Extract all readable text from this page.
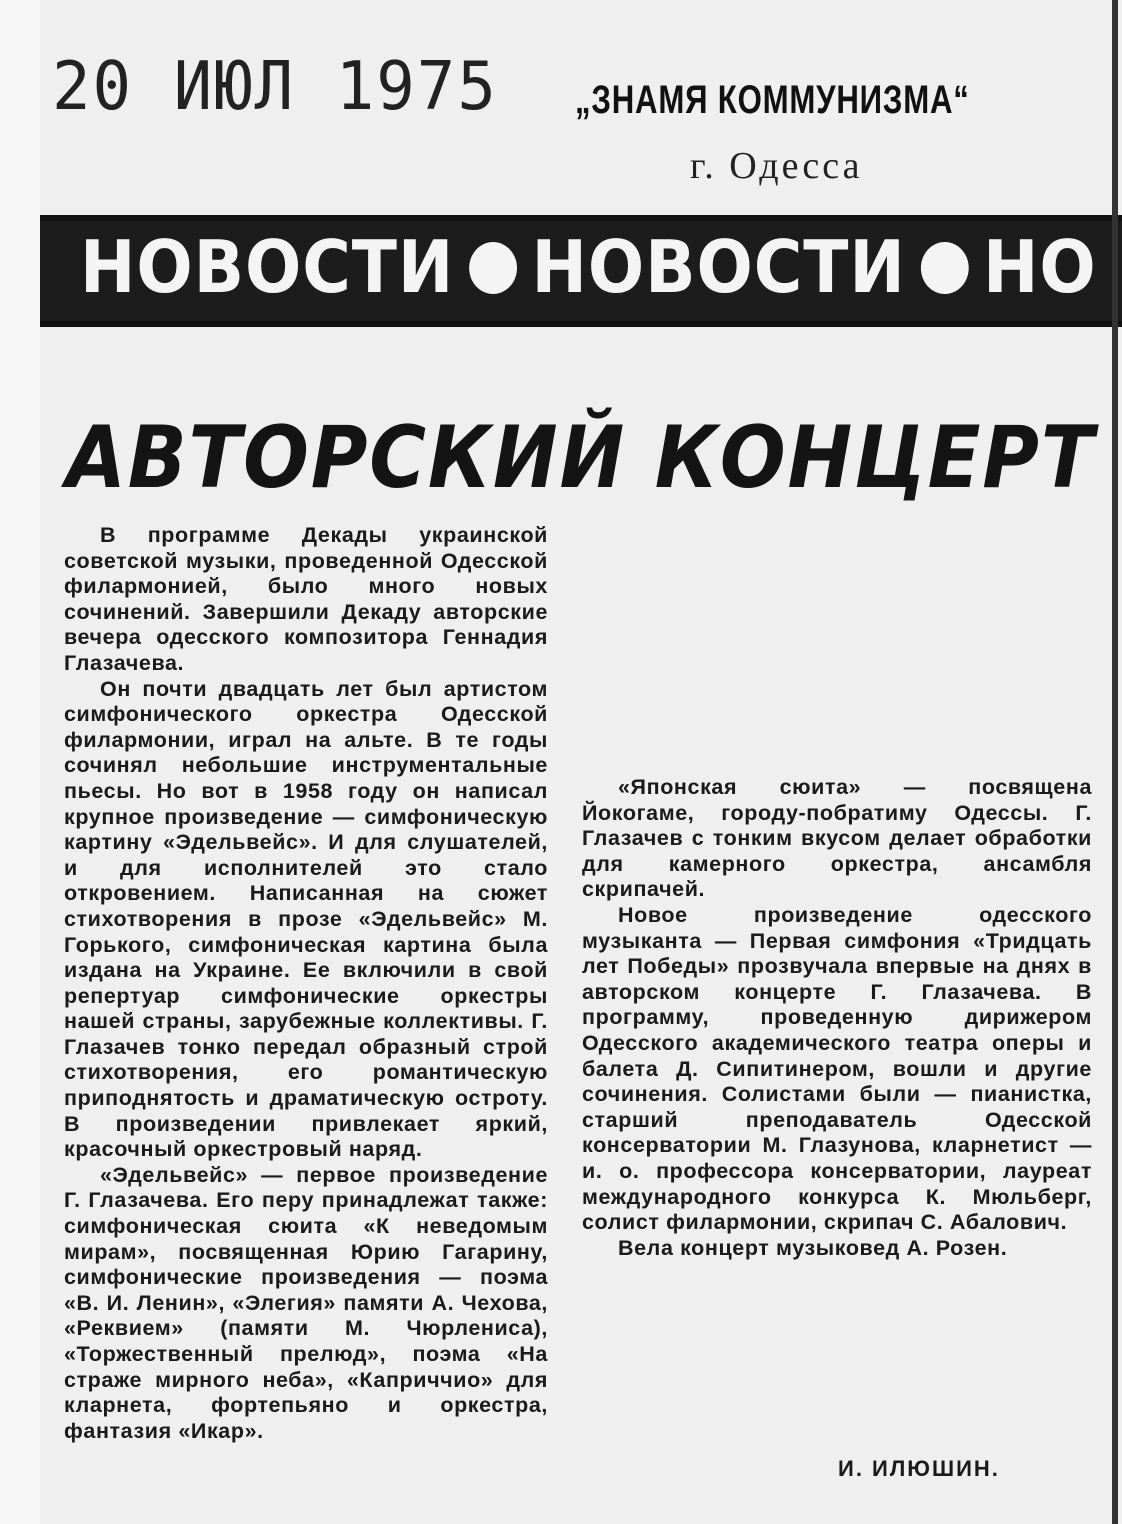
20 ИЮЛ 1975 „ЗНАМЯ КОММУНИЗМА“
г. Одесса
НОВОСТИ НОВОСТИ НО
АВТОРСКИЙ КОНЦЕРТ

В программе Декады украинской советской музыки, проведенной Одесской филармонией, было много новых сочинений. Завершили Декаду авторские вечера одесского композитора Геннадия Глазачева.

Он почти двадцать лет был артистом симфонического оркестра Одесской филармонии, играл на альте. В те годы сочинял небольшие инструментальные пьесы. Но вот в 1958 году он написал крупное произведение — симфоническую картину «Эдельвейс». И для слушателей, и для исполнителей это стало откровением. Написанная на сюжет стихотворения в прозе «Эдельвейс» М. Горького, симфоническая картина была издана на Украине. Ее включили в свой репертуар симфонические оркестры нашей страны, зарубежные коллективы. Г. Глазачев тонко передал образный строй стихотворения, его романтическую приподнятость и драматическую остроту. В произведении привлекает яркий, красочный оркестровый наряд.

«Эдельвейс» — первое произведение Г. Глазачева. Его перу принадлежат также: симфоническая сюита «К неведомым мирам», посвященная Юрию Гагарину, симфонические произведения — поэма «В. И. Ленин», «Элегия» памяти А. Чехова, «Реквием» (памяти М. Чюрлениса), «Торжественный прелюд», поэма «На страже мирного неба», «Каприччио» для кларнета, фортепьяно и оркестра, фантазия «Икар».

«Японская сюита» — посвящена Йокогаме, городу-побратиму Одессы. Г. Глазачев с тонким вкусом делает обработки для камерного оркестра, ансамбля скрипачей.

Новое произведение одесского музыканта — Первая симфония «Тридцать лет Победы» прозвучала впервые на днях в авторском концерте Г. Глазачева. В программу, проведенную дирижером Одесского академического театра оперы и балета Д. Сипитинером, вошли и другие сочинения. Солистами были — пианистка, старший преподаватель Одесской консерватории М. Глазунова, кларнетист — и. о. профессора консерватории, лауреат международного конкурса К. Мюльберг, солист филармонии, скрипач С. Абалович.

Вела концерт музыковед А. Розен.

И. ИЛЮШИН.
